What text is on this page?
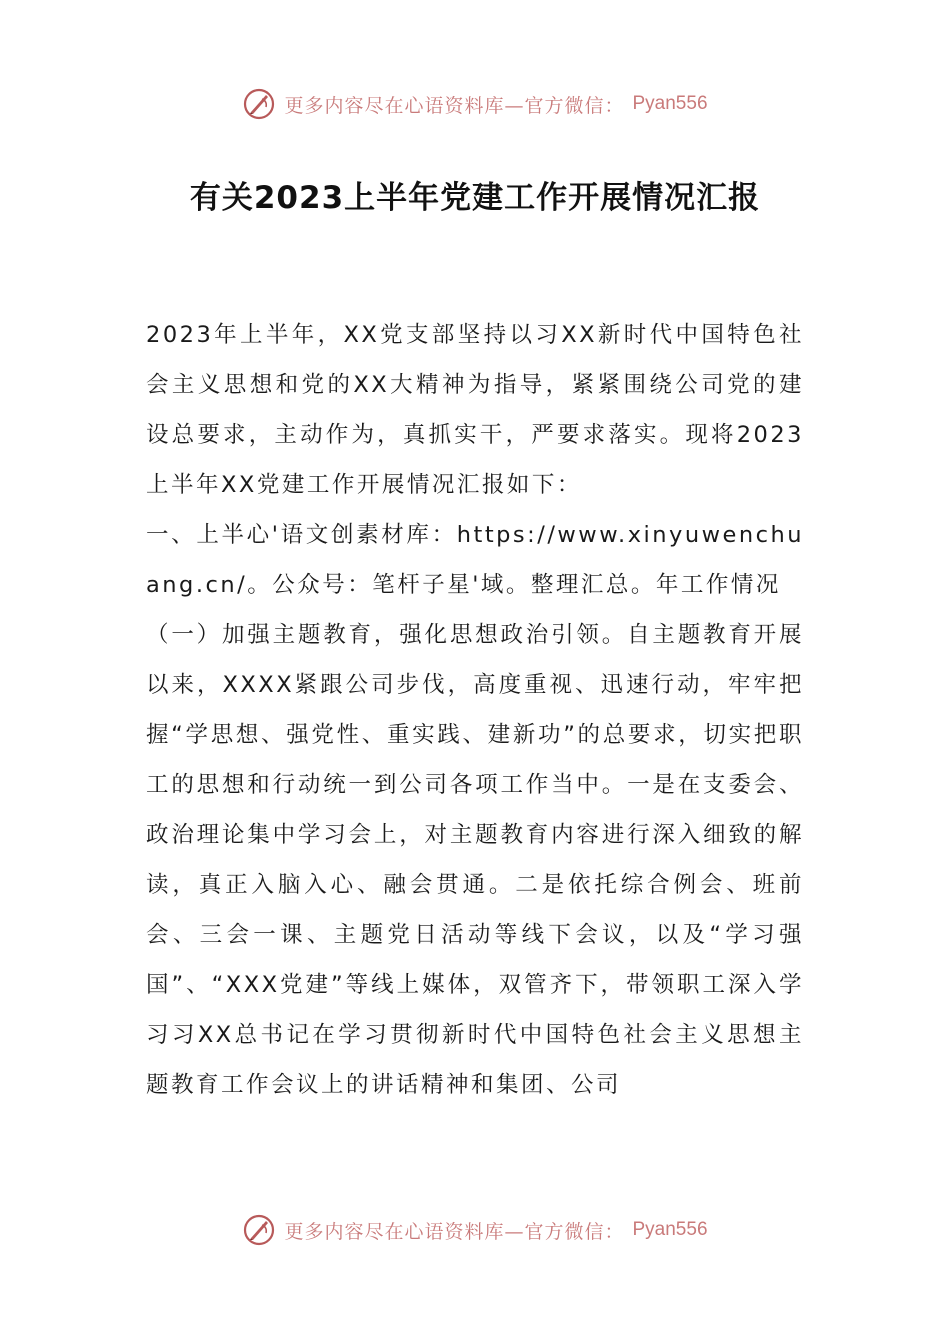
更多内容尽在心语资料库—官方微信： Pyan556
有关2023上半年党建工作开展情况汇报

2023年上半年，XX党支部坚持以习XX新时代中国特色社会主义思想和党的XX大精神为指导，紧紧围绕公司党的建设总要求，主动作为，真抓实干，严要求落实。现将2023上半年XX党建工作开展情况汇报如下：

一、上半心'语文创素材库：https://www.xinyuwenchuang.cn/。公众号：笔杆子星'域。整理汇总。年工作情况

（一）加强主题教育，强化思想政治引领。自主题教育开展以来，XXXX紧跟公司步伐，高度重视、迅速行动，牢牢把握“学思想、强党性、重实践、建新功”的总要求，切实把职工的思想和行动统一到公司各项工作当中。一是在支委会、政治理论集中学习会上，对主题教育内容进行深入细致的解读，真正入脑入心、融会贯通。二是依托综合例会、班前会、三会一课、主题党日活动等线下会议，以及“学习强国”、“XXX党建”等线上媒体，双管齐下，带领职工深入学习习XX总书记在学习贯彻新时代中国特色社会主义思想主题教育工作会议上的讲话精神和集团、公司

更多内容尽在心语资料库—官方微信： Pyan556
